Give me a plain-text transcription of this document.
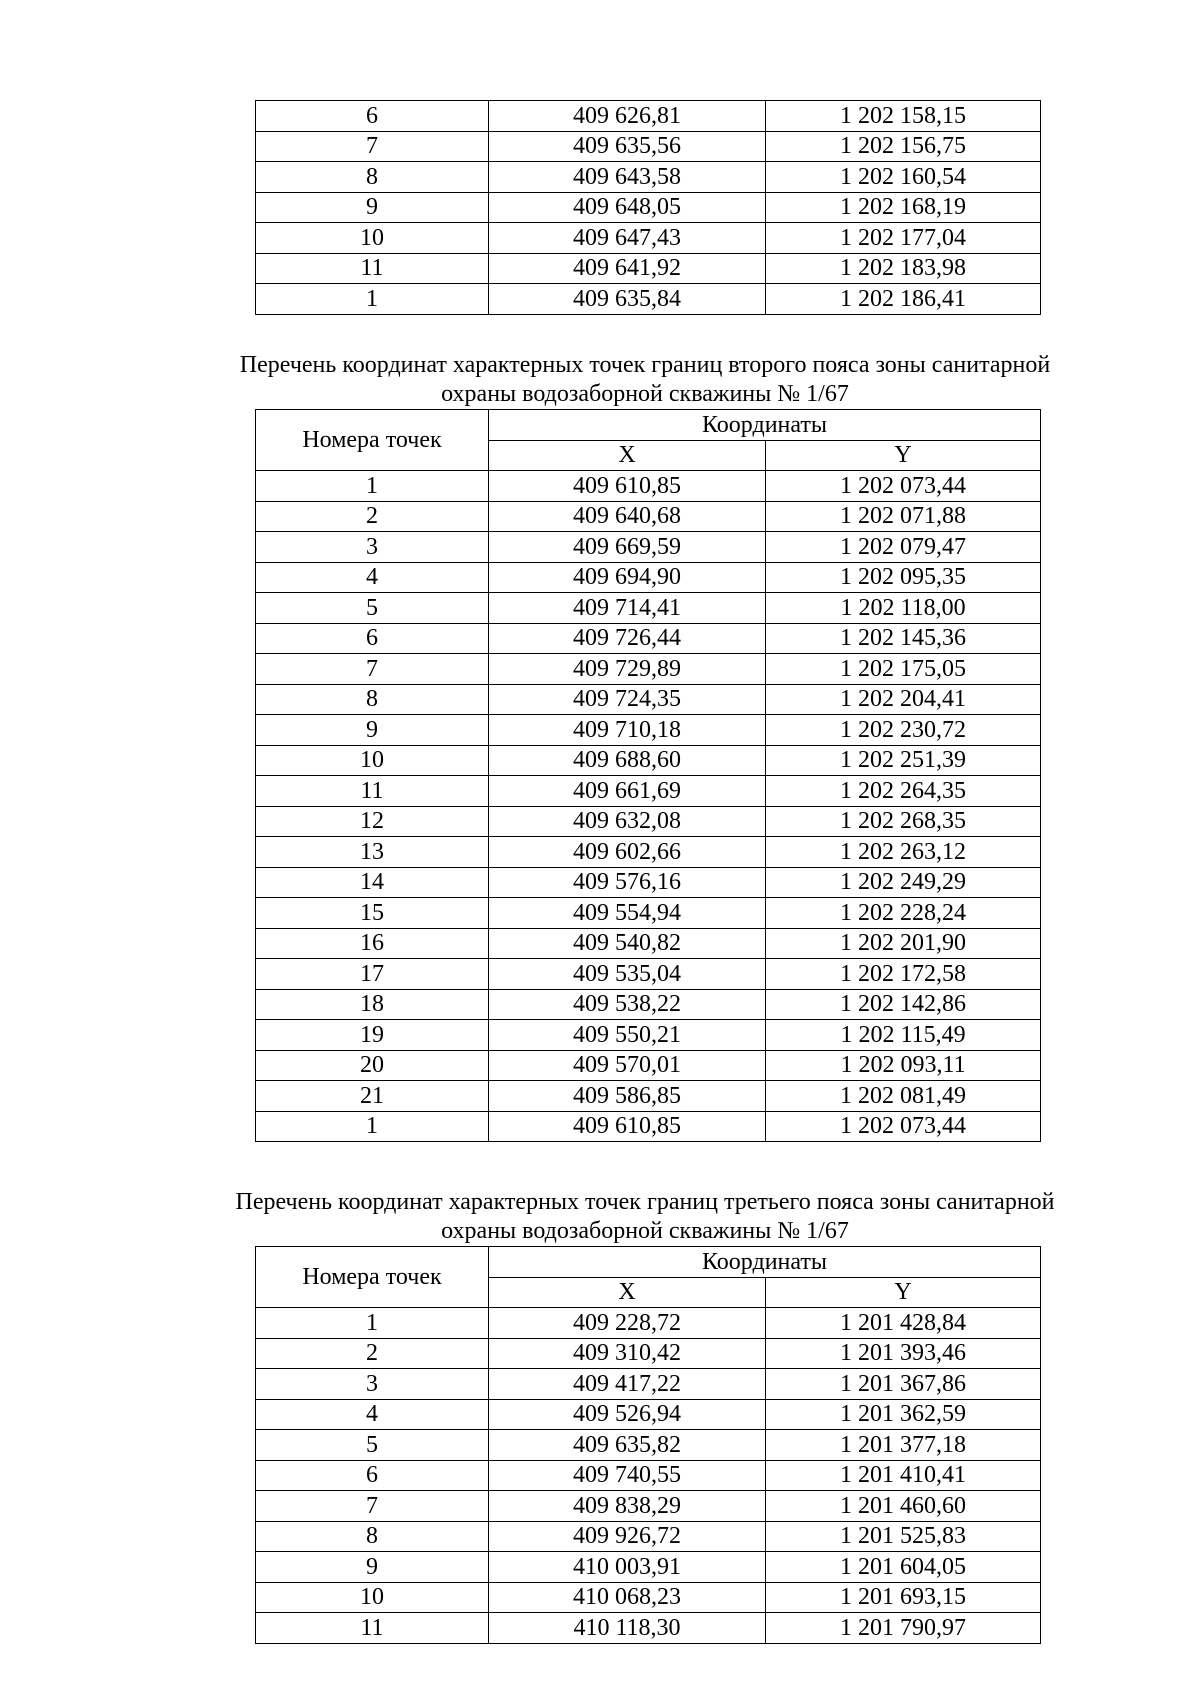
6	409 626,81	1 202 158,15
7	409 635,56	1 202 156,75
8	409 643,58	1 202 160,54
9	409 648,05	1 202 168,19
10	409 647,43	1 202 177,04
11	409 641,92	1 202 183,98
1	409 635,84	1 202 186,41
Перечень координат характерных точек границ второго пояса зоны санитарной
охраны водозаборной скважины № 1/67
Номера точек	Координаты	
	X	Y
1	409 610,85	1 202 073,44
2	409 640,68	1 202 071,88
3	409 669,59	1 202 079,47
4	409 694,90	1 202 095,35
5	409 714,41	1 202 118,00
6	409 726,44	1 202 145,36
7	409 729,89	1 202 175,05
8	409 724,35	1 202 204,41
9	409 710,18	1 202 230,72
10	409 688,60	1 202 251,39
11	409 661,69	1 202 264,35
12	409 632,08	1 202 268,35
13	409 602,66	1 202 263,12
14	409 576,16	1 202 249,29
15	409 554,94	1 202 228,24
16	409 540,82	1 202 201,90
17	409 535,04	1 202 172,58
18	409 538,22	1 202 142,86
19	409 550,21	1 202 115,49
20	409 570,01	1 202 093,11
21	409 586,85	1 202 081,49
1	409 610,85	1 202 073,44
Перечень координат характерных точек границ третьего пояса зоны санитарной
охраны водозаборной скважины № 1/67
Номера точек	Координаты	
	X	Y
1	409 228,72	1 201 428,84
2	409 310,42	1 201 393,46
3	409 417,22	1 201 367,86
4	409 526,94	1 201 362,59
5	409 635,82	1 201 377,18
6	409 740,55	1 201 410,41
7	409 838,29	1 201 460,60
8	409 926,72	1 201 525,83
9	410 003,91	1 201 604,05
10	410 068,23	1 201 693,15
11	410 118,30	1 201 790,97
